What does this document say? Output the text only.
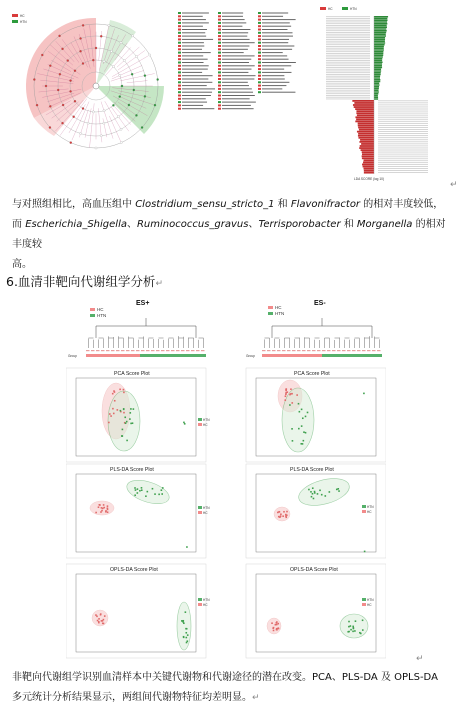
HC
HTN
HC	HTN
LDA SCORE (log 10)
↵
与对照组相比，高血压组中 Clostridium_sensu_stricto_1 和 Flavonifractor 的相对丰度较低，
而 Escherichia_Shigella、Ruminococcus_gravus、Terrisporobacter 和 Morganella 的相对丰度较
高。
6.血清非靶向代谢组学分析↵
ES+
HC
HTN
Group
PCA Score Plot
HTN
HC
PLS-DA Score Plot
HTN
HC
OPLS-DA Score Plot
HTN
HC
ES-
HC
HTN
Group
PCA Score Plot
PLS-DA Score Plot
HTN
HC
OPLS-DA Score Plot
HTN
HC
↵
非靶向代谢组学识别血清样本中关键代谢物和代谢途径的潜在改变。PCA、PLS-DA 及 OPLS-DA
多元统计分析结果显示，两组间代谢物特征均差明显。↵
